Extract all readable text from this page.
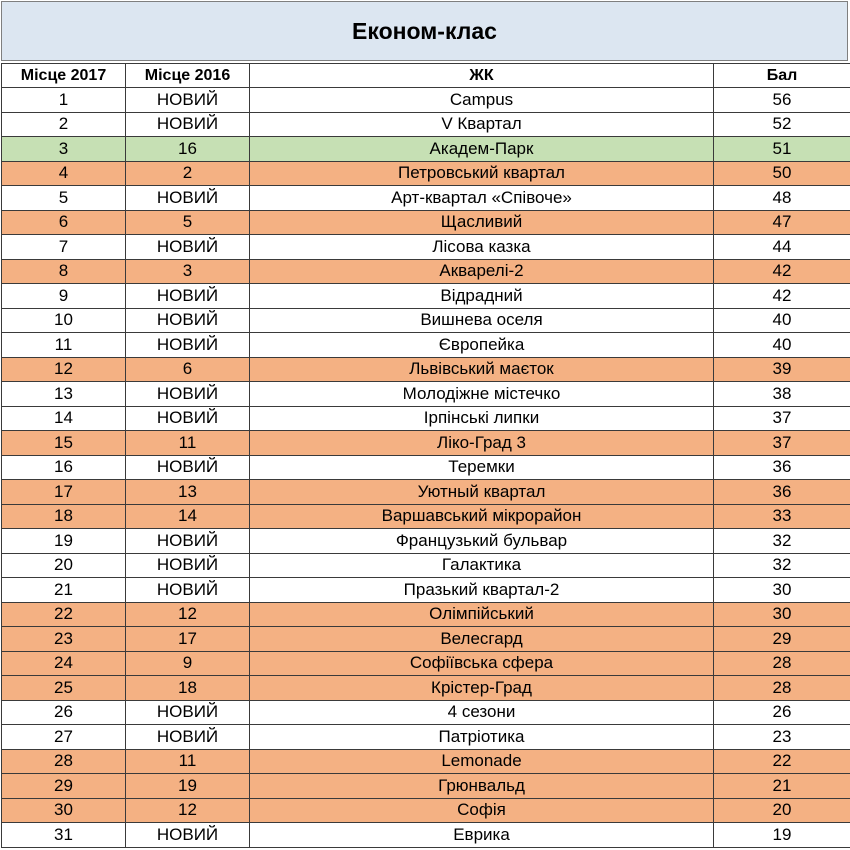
Економ-клас
Місце 2017	Місце 2016	ЖК	Бал
1	НОВИЙ	Campus	56
2	НОВИЙ	V Квартал	52
3	16	Академ-Парк	51
4	2	Петровський квартал	50
5	НОВИЙ	Арт-квартал «Співоче»	48
6	5	Щасливий	47
7	НОВИЙ	Лісова казка	44
8	3	Акварелі-2	42
9	НОВИЙ	Відрадний	42
10	НОВИЙ	Вишнева оселя	40
11	НОВИЙ	Європейка	40
12	6	Львівський маєток	39
13	НОВИЙ	Молодіжне містечко	38
14	НОВИЙ	Ірпінські липки	37
15	11	Ліко-Град 3	37
16	НОВИЙ	Теремки	36
17	13	Уютный квартал	36
18	14	Варшавський мікрорайон	33
19	НОВИЙ	Французький бульвар	32
20	НОВИЙ	Галактика	32
21	НОВИЙ	Празький квартал-2	30
22	12	Олімпійський	30
23	17	Велесгард	29
24	9	Софіївська сфера	28
25	18	Крістер-Град	28
26	НОВИЙ	4 сезони	26
27	НОВИЙ	Патріотика	23
28	11	Lemonade	22
29	19	Грюнвальд	21
30	12	Софія	20
31	НОВИЙ	Еврика	19
